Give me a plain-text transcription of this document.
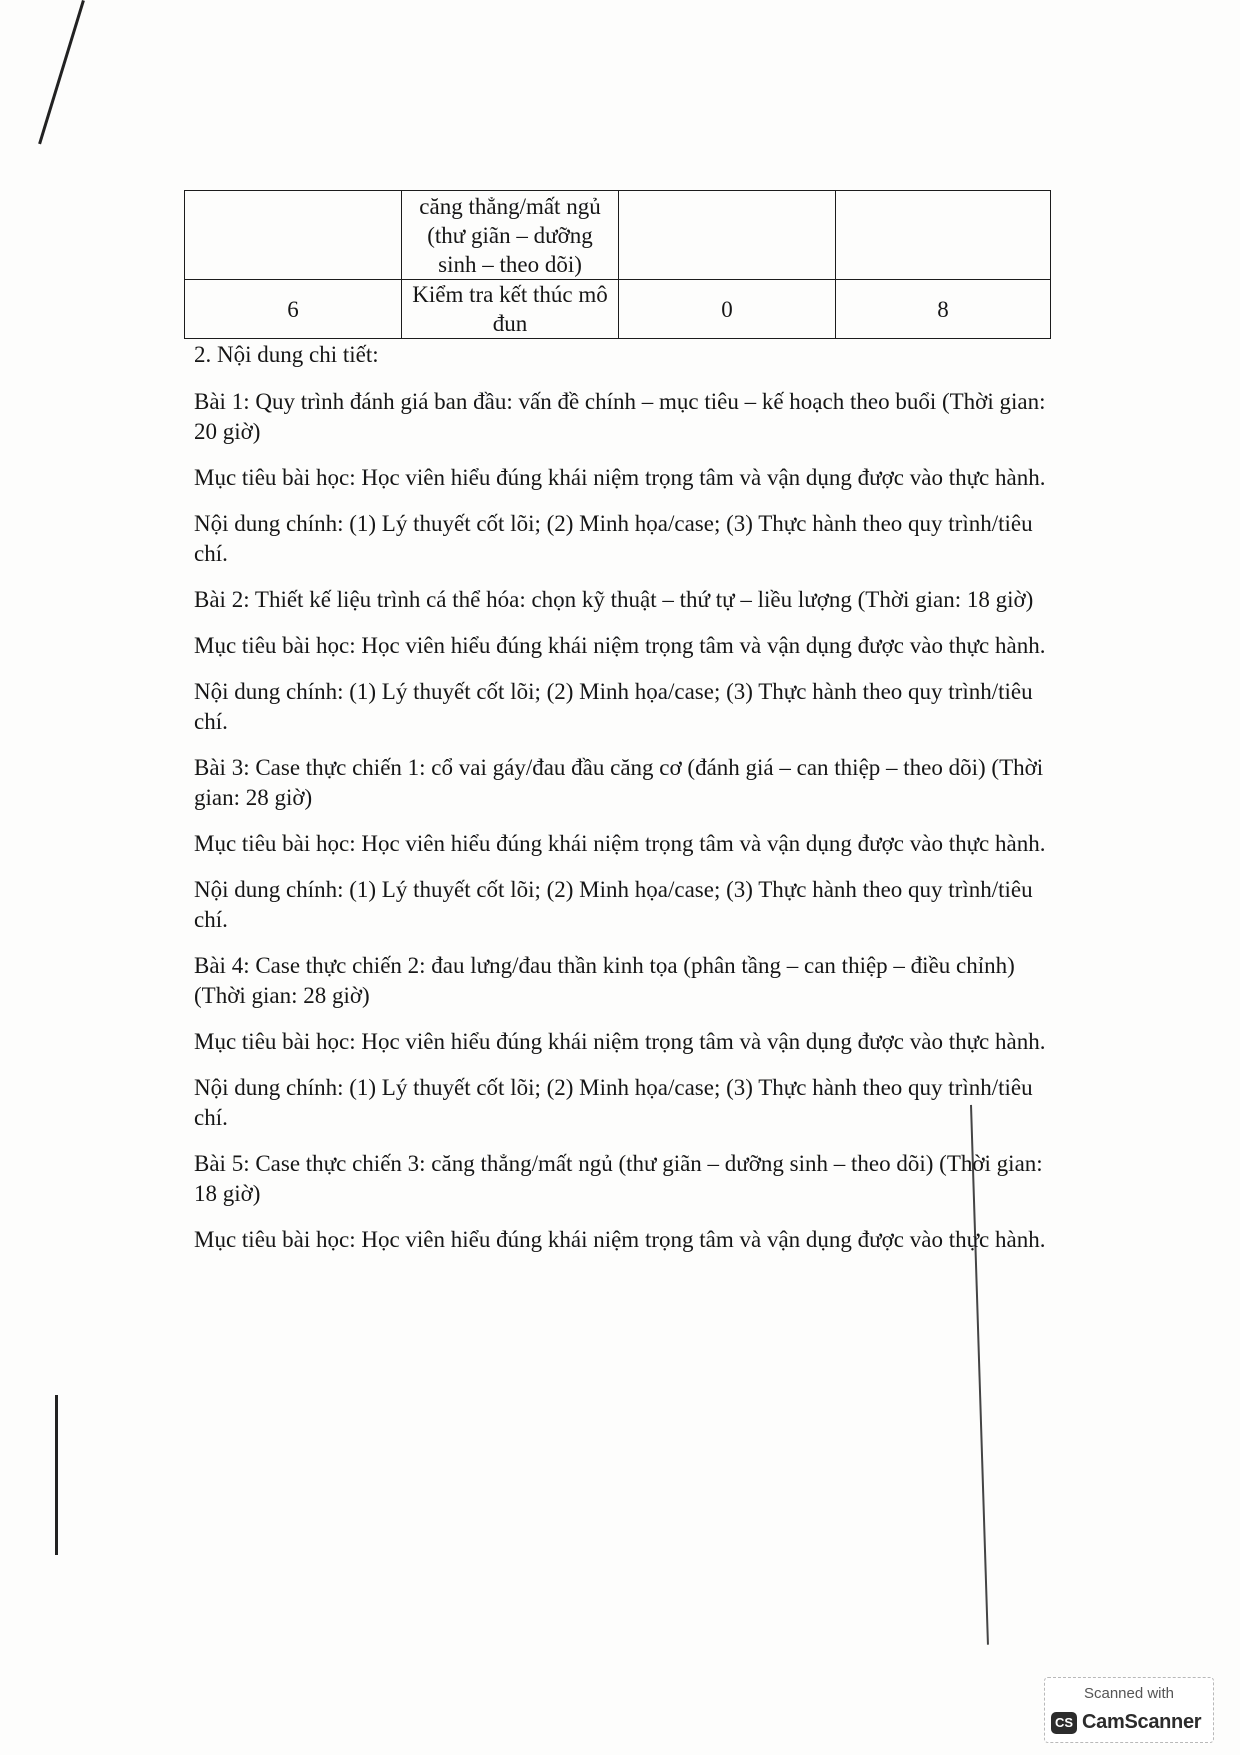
	căng thẳng/mất ngủ (thư giãn – dưỡng sinh – theo dõi)		
6	Kiểm tra kết thúc mô đun	0	8

2. Nội dung chi tiết:

Bài 1: Quy trình đánh giá ban đầu: vấn đề chính – mục tiêu – kế hoạch theo buổi (Thời gian: 20 giờ)

Mục tiêu bài học: Học viên hiểu đúng khái niệm trọng tâm và vận dụng được vào thực hành.

Nội dung chính: (1) Lý thuyết cốt lõi; (2) Minh họa/case; (3) Thực hành theo quy trình/tiêu chí.

Bài 2: Thiết kế liệu trình cá thể hóa: chọn kỹ thuật – thứ tự – liều lượng (Thời gian: 18 giờ)

Mục tiêu bài học: Học viên hiểu đúng khái niệm trọng tâm và vận dụng được vào thực hành.

Nội dung chính: (1) Lý thuyết cốt lõi; (2) Minh họa/case; (3) Thực hành theo quy trình/tiêu chí.

Bài 3: Case thực chiến 1: cổ vai gáy/đau đầu căng cơ (đánh giá – can thiệp – theo dõi) (Thời gian: 28 giờ)

Mục tiêu bài học: Học viên hiểu đúng khái niệm trọng tâm và vận dụng được vào thực hành.

Nội dung chính: (1) Lý thuyết cốt lõi; (2) Minh họa/case; (3) Thực hành theo quy trình/tiêu chí.

Bài 4: Case thực chiến 2: đau lưng/đau thần kinh tọa (phân tầng – can thiệp – điều chỉnh) (Thời gian: 28 giờ)

Mục tiêu bài học: Học viên hiểu đúng khái niệm trọng tâm và vận dụng được vào thực hành.

Nội dung chính: (1) Lý thuyết cốt lõi; (2) Minh họa/case; (3) Thực hành theo quy trình/tiêu chí.

Bài 5: Case thực chiến 3: căng thẳng/mất ngủ (thư giãn – dưỡng sinh – theo dõi) (Thời gian: 18 giờ)

Mục tiêu bài học: Học viên hiểu đúng khái niệm trọng tâm và vận dụng được vào thực hành.

Scanned with
CS CamScanner
